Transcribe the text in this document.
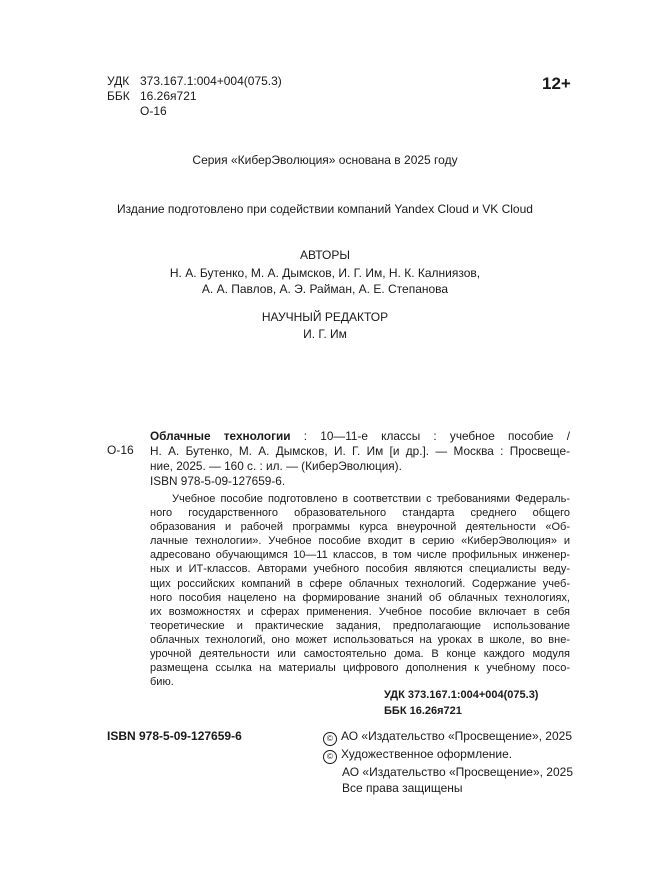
УДК 373.167.1:004+004(075.3)
ББК 16.26я721
О-16
12+
Серия «КиберЭволюция» основана в 2025 году
Издание подготовлено при содействии компаний Yandex Cloud и VK Cloud
АВТОРЫ
Н. А. Бутенко, М. А. Дымсков, И. Г. Им, Н. К. Калниязов,
А. А. Павлов, А. Э. Райман, А. Е. Степанова
НАУЧНЫЙ РЕДАКТОР
И. Г. Им
О-16
Облачные технологии : 10—11-е классы : учебное пособие /
Н. А. Бутенко, М. А. Дымсков, И. Г. Им [и др.]. — Москва : Просвеще-
ние, 2025. — 160 с. : ил. — (КиберЭволюция).
ISBN 978-5-09-127659-6.
Учебное пособие подготовлено в соответствии с требованиями Федераль-
ного государственного образовательного стандарта среднего общего
образования и рабочей программы курса внеурочной деятельности «Об-
лачные технологии». Учебное пособие входит в серию «КиберЭволюция» и
адресовано обучающимся 10—11 классов, в том числе профильных инженер-
ных и ИТ-классов. Авторами учебного пособия являются специалисты веду-
щих российских компаний в сфере облачных технологий. Содержание учеб-
ного пособия нацелено на формирование знаний об облачных технологиях,
их возможностях и сферах применения. Учебное пособие включает в себя
теоретические и практические задания, предполагающие использование
облачных технологий, оно может использоваться на уроках в школе, во вне-
урочной деятельности или самостоятельно дома. В конце каждого модуля
размещена ссылка на материалы цифрового дополнения к учебному посо-
бию.
УДК 373.167.1:004+004(075.3)
ББК 16.26я721
ISBN 978-5-09-127659-6	© АО «Издательство «Просвещение», 2025
© Художественное оформление.
АО «Издательство «Просвещение», 2025
Все права защищены
